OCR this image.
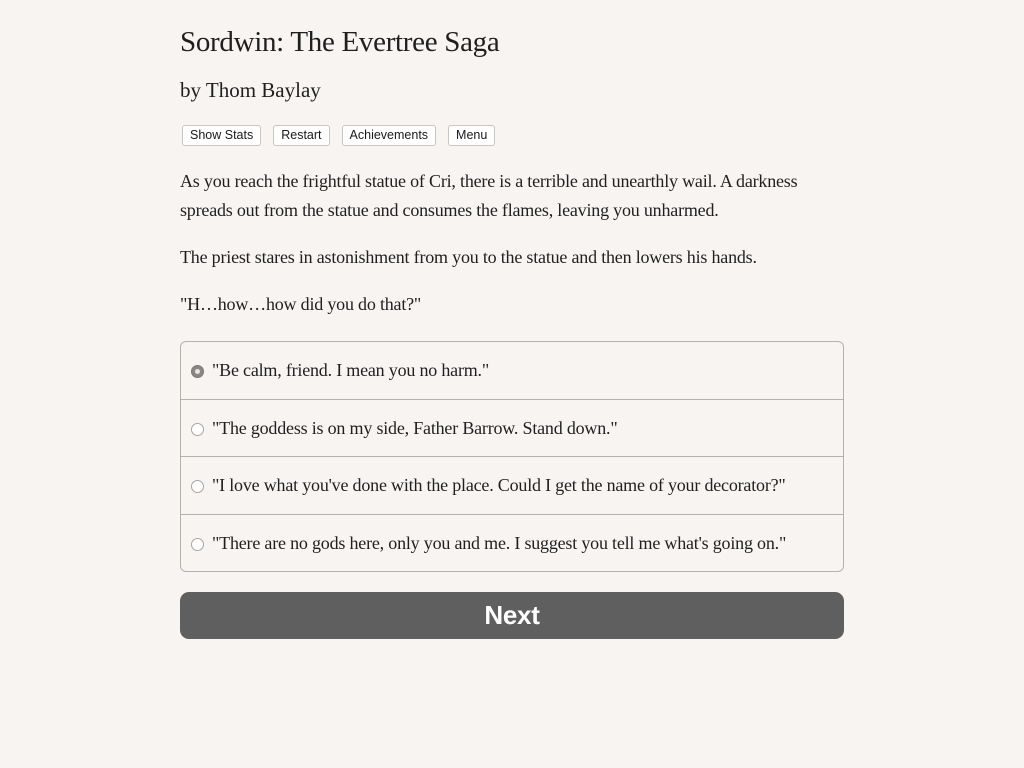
Sordwin: The Evertree Saga
by Thom Baylay
Show Stats	Restart	Achievements	Menu

As you reach the frightful statue of Cri, there is a terrible and unearthly wail. A darkness spreads out from the statue and consumes the flames, leaving you unharmed.

The priest stares in astonishment from you to the statue and then lowers his hands.

"H…how…how did you do that?"

"Be calm, friend. I mean you no harm."
"The goddess is on my side, Father Barrow. Stand down."
"I love what you've done with the place. Could I get the name of your decorator?"
"There are no gods here, only you and me. I suggest you tell me what's going on."
Next
